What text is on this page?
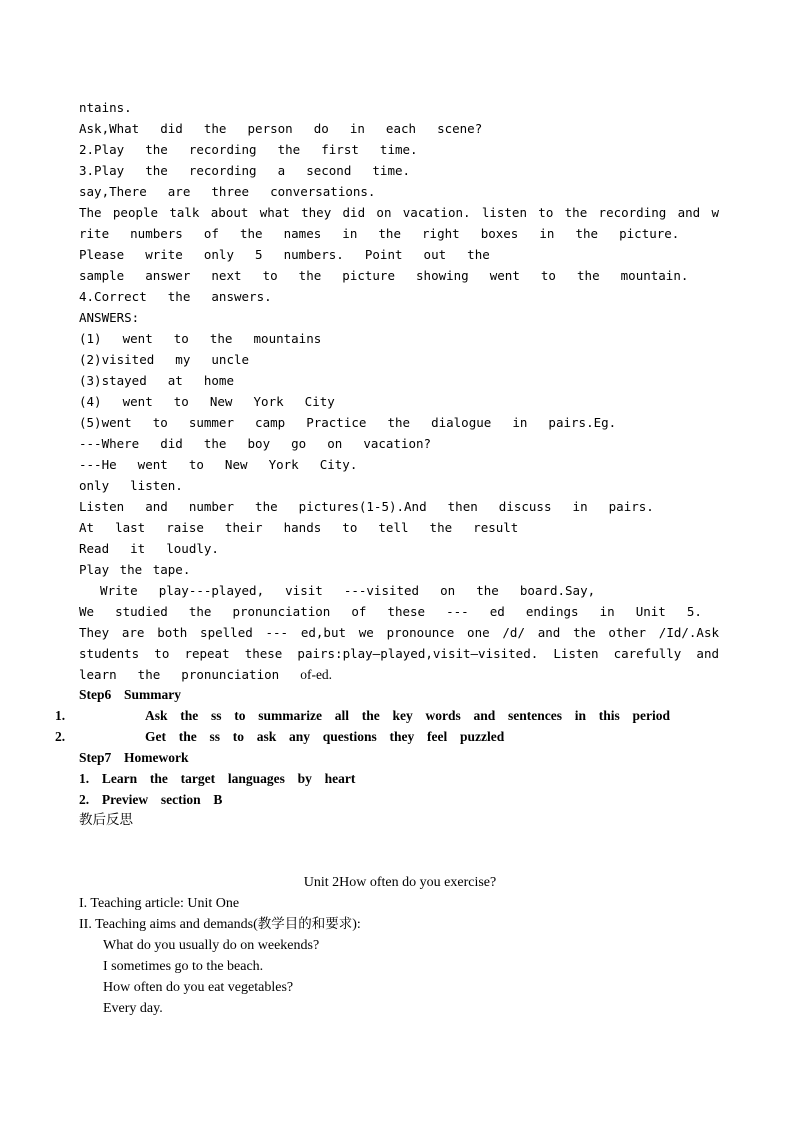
ntains.
Ask,What  did  the  person  do  in  each  scene?
2.Play  the  recording  the  first  time.
3.Play  the  recording  a  second  time.
say,There  are  three  conversations.
The people talk about what they did on vacation. listen to the recording and w
rite  numbers  of  the  names  in  the  right  boxes  in  the  picture.
Please  write  only  5  numbers.  Point  out  the
sample  answer  next  to  the  picture  showing  went  to  the  mountain.
4.Correct  the  answers.
ANSWERS:
(1)  went  to  the  mountains
(2)visited  my  uncle
(3)stayed  at  home
(4)  went  to  New  York  City
(5)went  to  summer  camp  Practice  the  dialogue  in  pairs.Eg.
---Where  did  the  boy  go  on  vacation?
---He  went  to  New  York  City.
only  listen.
Listen  and  number  the  pictures(1-5).And  then  discuss  in  pairs.
At  last  raise  their  hands  to  tell  the  result
Read  it  loudly.
Play the tape.
Write  play---played,  visit  ---visited  on  the  board.Say,
We  studied  the  pronunciation  of  these  ---  ed  endings  in  Unit  5.
They are both spelled --- ed,but we pronounce one /d/ and the other /Id/.Ask
students to repeat these pairs:play—played,visit—visited. Listen carefully and
learn  the  pronunciation  of-ed.
Step6  Summary
1.	Ask  the  ss  to  summarize  all  the  key  words  and  sentences  in  this  period
2.	Get  the  ss  to  ask  any  questions  they  feel  puzzled
Step7  Homework
1.  Learn  the  target  languages  by  heart
2.  Preview  section  B
教后反思
Unit 2How often do you exercise?
I. Teaching article: Unit One
II. Teaching aims and demands(教学目的和要求):
What do you usually do on weekends?
I sometimes go to the beach.
How often do you eat vegetables?
Every day.
